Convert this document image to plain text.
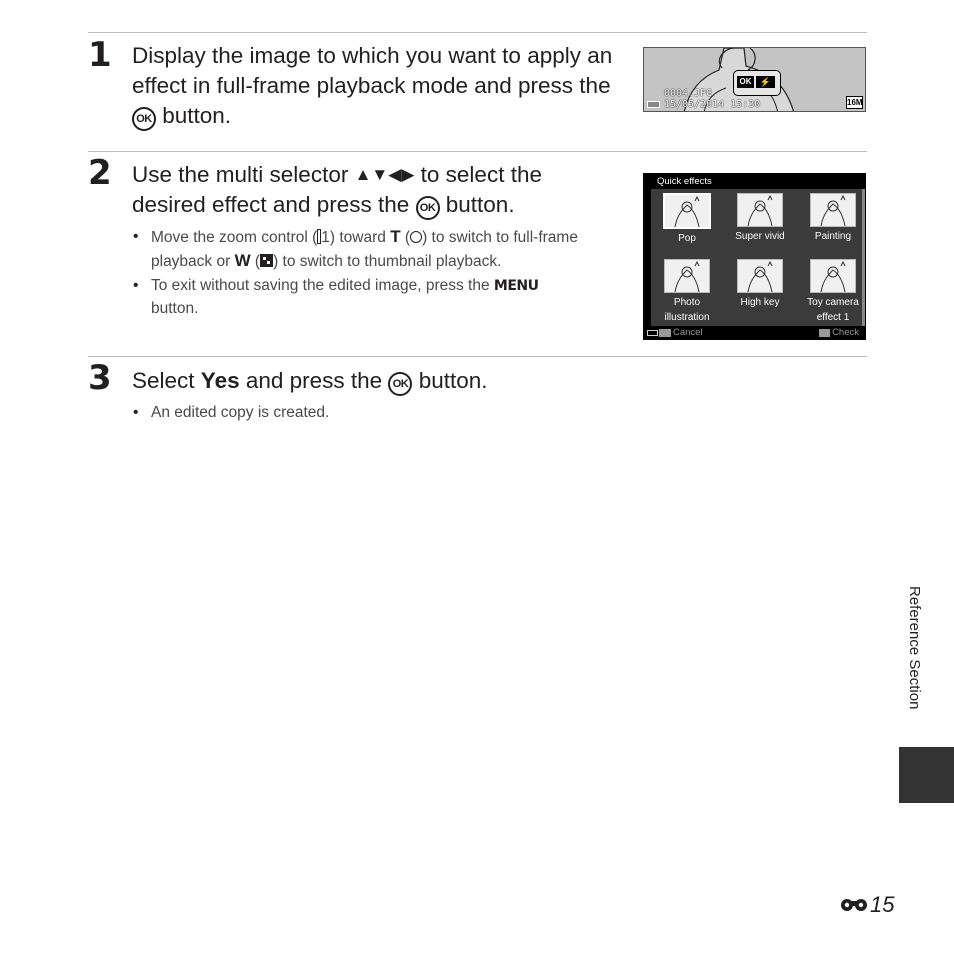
1 Display the image to which you want to apply an effect in full-frame playback mode and press the OK button.
OK ⚡
0004.JPG
15/05/2014 15:30	16M
2 Use the multi selector ▲▼◀▶ to select the desired effect and press the OK button.
• Move the zoom control ( 1) toward T ( ) to switch to full-frame playback or W ( ) to switch to thumbnail playback.
• To exit without saving the edited image, press the MENU
button.
Quick effects
Pop	Super vivid	Painting
Photo illustration
High key	Toy camera effect 1
Cancel	Check
3 Select Yes and press the OK button.
• An edited copy is created.
Reference Section
15
